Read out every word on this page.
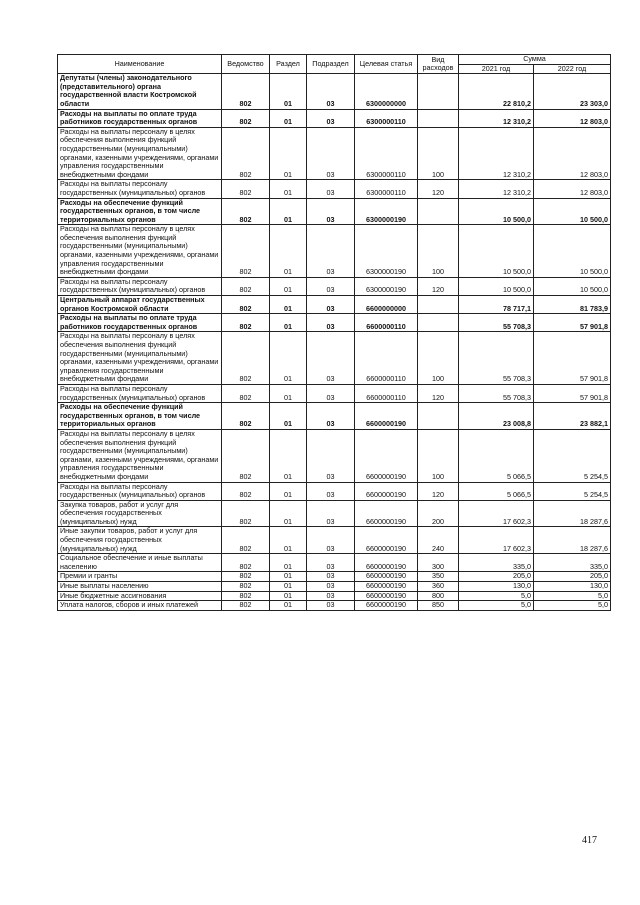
Наименование	Ведомство	Раздел	Подраздел	Целевая статья	Вид расходов	Сумма	
						2021 год	2022 год
Депутаты (члены) законодательного (представительного) органа государственной власти Костромской области	802	01	03	6300000000		22 810,2	23 303,0
Расходы на выплаты по оплате труда работников государственных органов	802	01	03	6300000110		12 310,2	12 803,0
Расходы на выплаты персоналу в целях обеспечения выполнения функций государственными (муниципальными) органами, казенными учреждениями, органами управления государственными внебюджетными фондами	802	01	03	6300000110	100	12 310,2	12 803,0
Расходы на выплаты персоналу государственных (муниципальных) органов	802	01	03	6300000110	120	12 310,2	12 803,0
Расходы на обеспечение функций государственных органов, в том числе территориальных органов	802	01	03	6300000190		10 500,0	10 500,0
Расходы на выплаты персоналу в целях обеспечения выполнения функций государственными (муниципальными) органами, казенными учреждениями, органами управления государственными внебюджетными фондами	802	01	03	6300000190	100	10 500,0	10 500,0
Расходы на выплаты персоналу государственных (муниципальных) органов	802	01	03	6300000190	120	10 500,0	10 500,0
Центральный аппарат государственных органов Костромской области	802	01	03	6600000000		78 717,1	81 783,9
Расходы на выплаты по оплате труда работников государственных органов	802	01	03	6600000110		55 708,3	57 901,8
Расходы на выплаты персоналу в целях обеспечения выполнения функций государственными (муниципальными) органами, казенными учреждениями, органами управления государственными внебюджетными фондами	802	01	03	6600000110	100	55 708,3	57 901,8
Расходы на выплаты персоналу государственных (муниципальных) органов	802	01	03	6600000110	120	55 708,3	57 901,8
Расходы на обеспечение функций государственных органов, в том числе территориальных органов	802	01	03	6600000190		23 008,8	23 882,1
Расходы на выплаты персоналу в целях обеспечения выполнения функций государственными (муниципальными) органами, казенными учреждениями, органами управления государственными внебюджетными фондами	802	01	03	6600000190	100	5 066,5	5 254,5
Расходы на выплаты персоналу государственных (муниципальных) органов	802	01	03	6600000190	120	5 066,5	5 254,5
Закупка товаров, работ и услуг для обеспечения государственных (муниципальных) нужд	802	01	03	6600000190	200	17 602,3	18 287,6
Иные закупки товаров, работ и услуг для обеспечения государственных (муниципальных) нужд	802	01	03	6600000190	240	17 602,3	18 287,6
Социальное обеспечение и иные выплаты населению	802	01	03	6600000190	300	335,0	335,0
Премии и гранты	802	01	03	6600000190	350	205,0	205,0
Иные выплаты населению	802	01	03	6600000190	360	130,0	130,0
Иные бюджетные ассигнования	802	01	03	6600000190	800	5,0	5,0
Уплата налогов, сборов и иных платежей	802	01	03	6600000190	850	5,0	5,0
417
